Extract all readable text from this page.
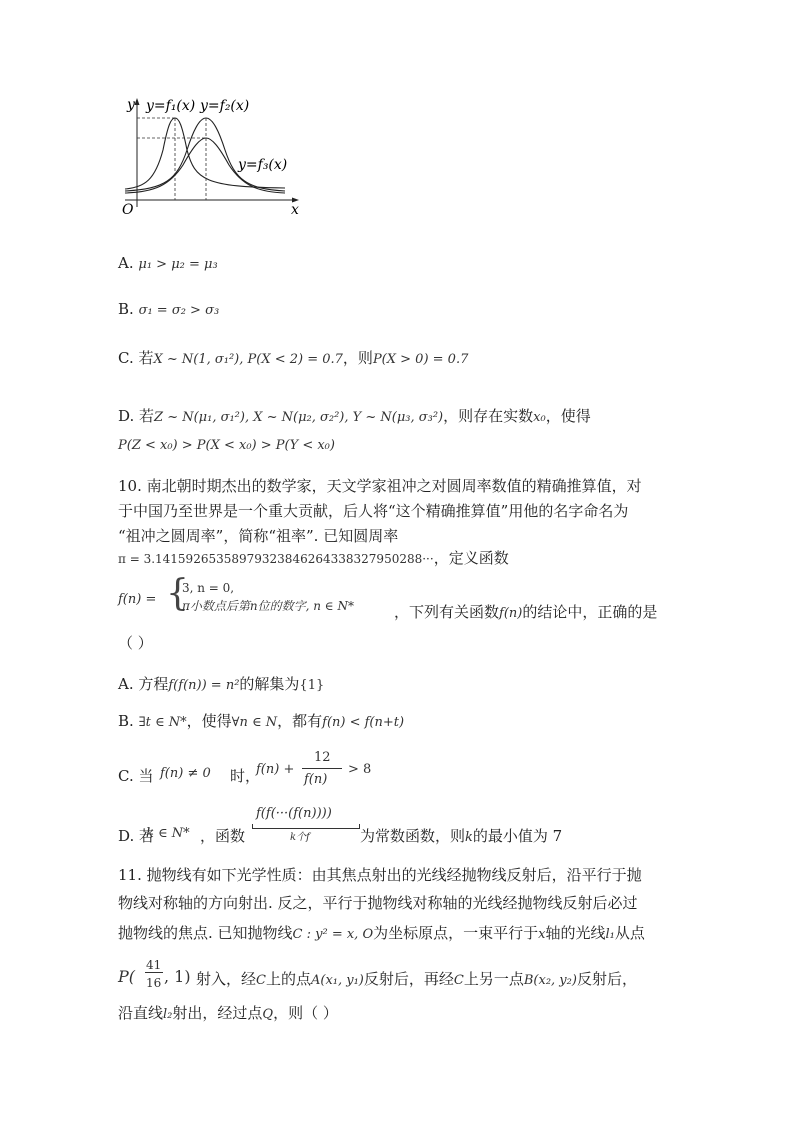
y y=f₁(x) y=f₂(x)
y=f₃(x)
O	x
A. μ₁ > μ₂ = μ₃
B. σ₁ = σ₂ > σ₃
C. 若X ~ N(1, σ₁²), P(X < 2) = 0.7，则P(X > 0) = 0.7
D. 若Z ~ N(μ₁, σ₁²), X ~ N(μ₂, σ₂²), Y ~ N(μ₃, σ₃²)，则存在实数x₀，使得
P(Z < x₀) > P(X < x₀) > P(Y < x₀)
10. 南北朝时期杰出的数学家，天文学家祖冲之对圆周率数值的精确推算值，对
于中国乃至世界是一个重大贡献，后人将“这个精确推算值”用他的名字命名为
“祖冲之圆周率”，简称“祖率”. 已知圆周率
π = 3.14159265358979323846264338327950288···，定义函数
f(n) = {
3, n = 0,
π小数点后第n位的数字, n ∈ N*	，下列有关函数f(n)的结论中，正确的是
（ ）
A. 方程f(f(n)) = n²的解集为{1}
B. ∃t ∈ N*，使得∀n ∈ N，都有f(n) < f(n+t)
C. 当 f(n) ≠ 0 时，
f(n) +
12
f(n)
> 8
D. 若
k ∈ N* ，函数
f(f(···(f(n))))
k个f	为常数函数，则k的最小值为 7
11. 抛物线有如下光学性质：由其焦点射出的光线经抛物线反射后，沿平行于抛
物线对称轴的方向射出. 反之，平行于抛物线对称轴的光线经抛物线反射后必过
抛物线的焦点. 已知抛物线C : y² = x, O为坐标原点，一束平行于x轴的光线l₁从点
P(
41
16 , 1) 射入，经C上的点A(x₁, y₁)反射后，再经C上另一点B(x₂, y₂)反射后，
沿直线l₂射出，经过点Q，则（ ）
